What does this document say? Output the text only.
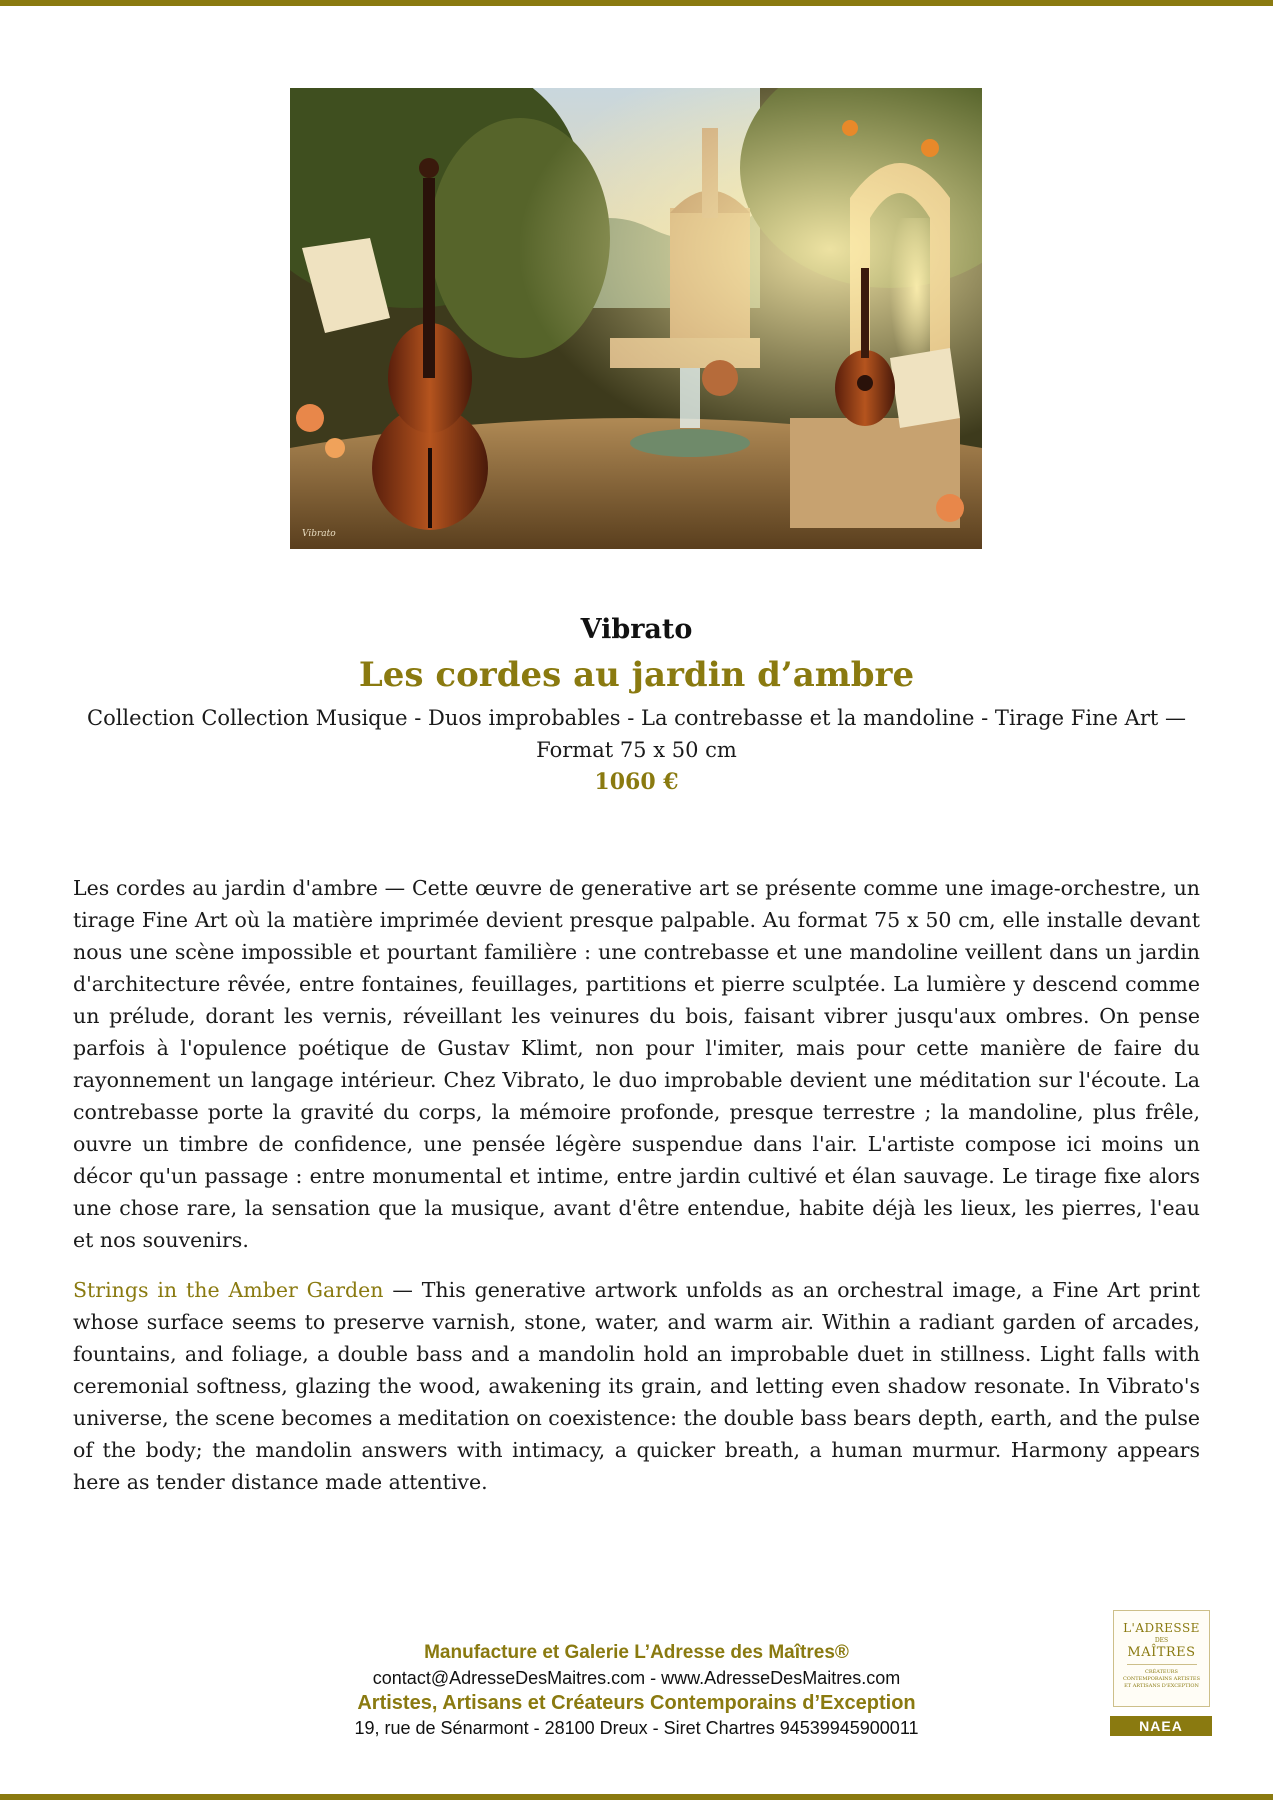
Vibrato
Vibrato
Les cordes au jardin d’ambre
Collection Collection Musique - Duos improbables - La contrebasse et la mandoline - Tirage Fine Art — Format 75 x 50 cm
1060 €

Les cordes au jardin d'ambre — Cette œuvre de generative art se présente comme une image-orchestre, un tirage Fine Art où la matière imprimée devient presque palpable. Au format 75 x 50 cm, elle installe devant nous une scène impossible et pourtant familière : une contrebasse et une mandoline veillent dans un jardin d'architecture rêvée, entre fontaines, feuillages, partitions et pierre sculptée. La lumière y descend comme un prélude, dorant les vernis, réveillant les veinures du bois, faisant vibrer jusqu'aux ombres. On pense parfois à l'opulence poétique de Gustav Klimt, non pour l'imiter, mais pour cette manière de faire du rayonnement un langage intérieur. Chez Vibrato, le duo improbable devient une méditation sur l'écoute. La contrebasse porte la gravité du corps, la mémoire profonde, presque terrestre ; la mandoline, plus frêle, ouvre un timbre de confidence, une pensée légère suspendue dans l'air. L'artiste compose ici moins un décor qu'un passage : entre monumental et intime, entre jardin cultivé et élan sauvage. Le tirage fixe alors une chose rare, la sensation que la musique, avant d'être entendue, habite déjà les lieux, les pierres, l'eau et nos souvenirs.

Strings in the Amber Garden — This generative artwork unfolds as an orchestral image, a Fine Art print whose surface seems to preserve varnish, stone, water, and warm air. Within a radiant garden of arcades, fountains, and foliage, a double bass and a mandolin hold an improbable duet in stillness. Light falls with ceremonial softness, glazing the wood, awakening its grain, and letting even shadow resonate. In Vibrato's universe, the scene becomes a meditation on coexistence: the double bass bears depth, earth, and the pulse of the body; the mandolin answers with intimacy, a quicker breath, a human murmur. Harmony appears here as tender distance made attentive.

Manufacture et Galerie L’Adresse des Maîtres®
contact@AdresseDesMaitres.com - www.AdresseDesMaitres.com
Artistes, Artisans et Créateurs Contemporains d’Exception
19, rue de Sénarmont - 28100 Dreux - Siret Chartres 94539945900011
L'ADRESSE
DES
MAÎTRES
CRÉATEURS CONTEMPORAINS ARTISTES ET ARTISANS D'EXCEPTION
NAEA
